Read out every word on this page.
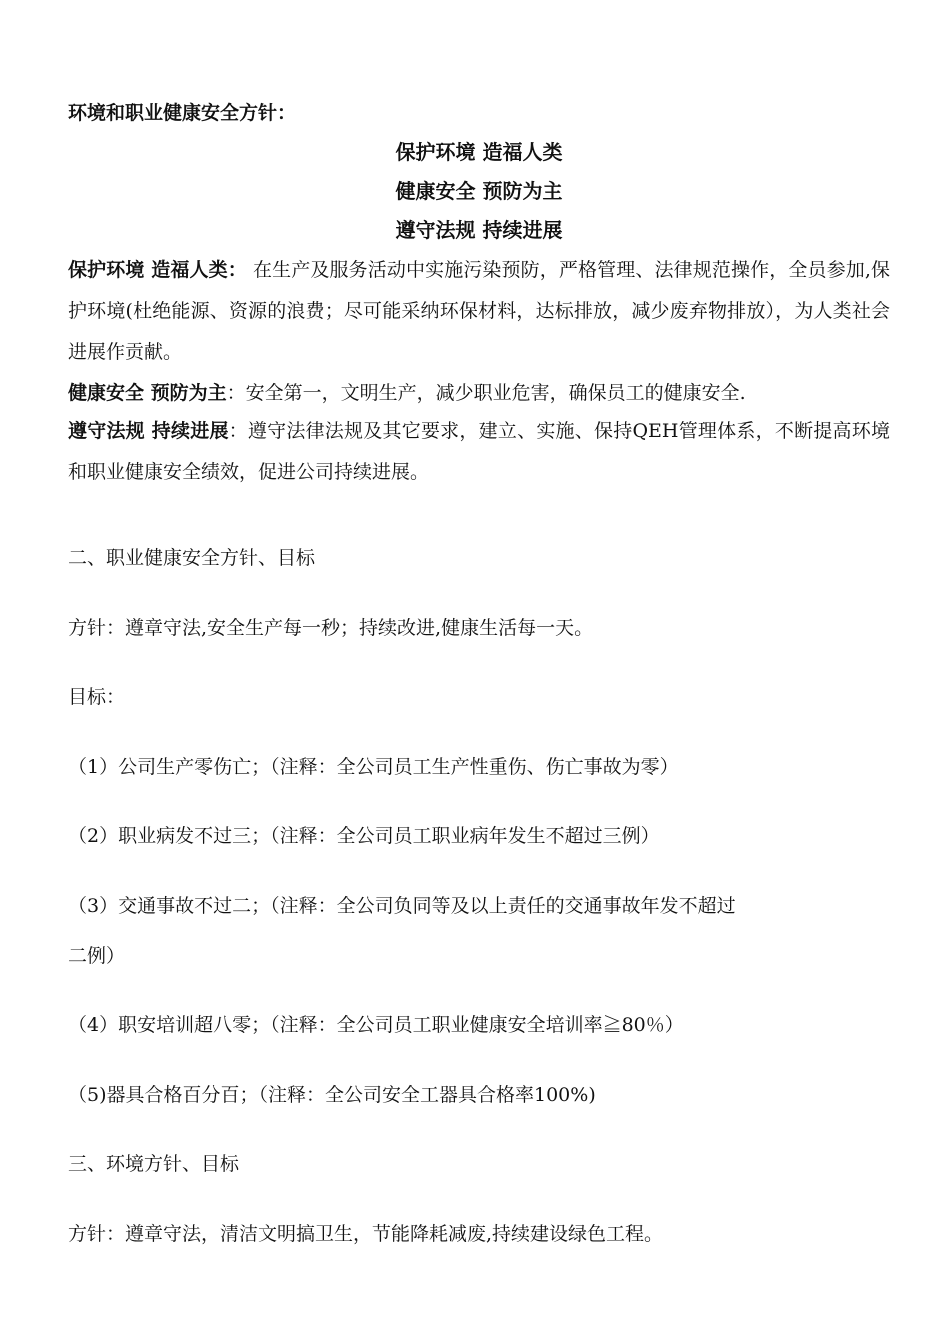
环境和职业健康安全方针：
保护环境 造福人类
健康安全 预防为主
遵守法规 持续进展
保护环境 造福人类： 在生产及服务活动中实施污染预防，严格管理、法律规范操作，全员参加,保护环境(杜绝能源、资源的浪费；尽可能采纳环保材料，达标排放，减少废弃物排放），为人类社会进展作贡献。
健康安全 预防为主：安全第一，文明生产，减少职业危害，确保员工的健康安全.
遵守法规 持续进展：遵守法律法规及其它要求，建立、实施、保持QEH管理体系，不断提高环境和职业健康安全绩效，促进公司持续进展。
二、职业健康安全方针、目标
方针：遵章守法,安全生产每一秒；持续改进,健康生活每一天。
目标：
（1）公司生产零伤亡；（注释：全公司员工生产性重伤、伤亡事故为零）
（2）职业病发不过三；（注释：全公司员工职业病年发生不超过三例）
（3）交通事故不过二；（注释：全公司负同等及以上责任的交通事故年发不超过
二例）
（4）职安培训超八零；（注释：全公司员工职业健康安全培训率≧80％）
（5)器具合格百分百；（注释：全公司安全工器具合格率100%)
三、环境方针、目标
方针：遵章守法，清洁文明搞卫生，节能降耗减废,持续建设绿色工程。
